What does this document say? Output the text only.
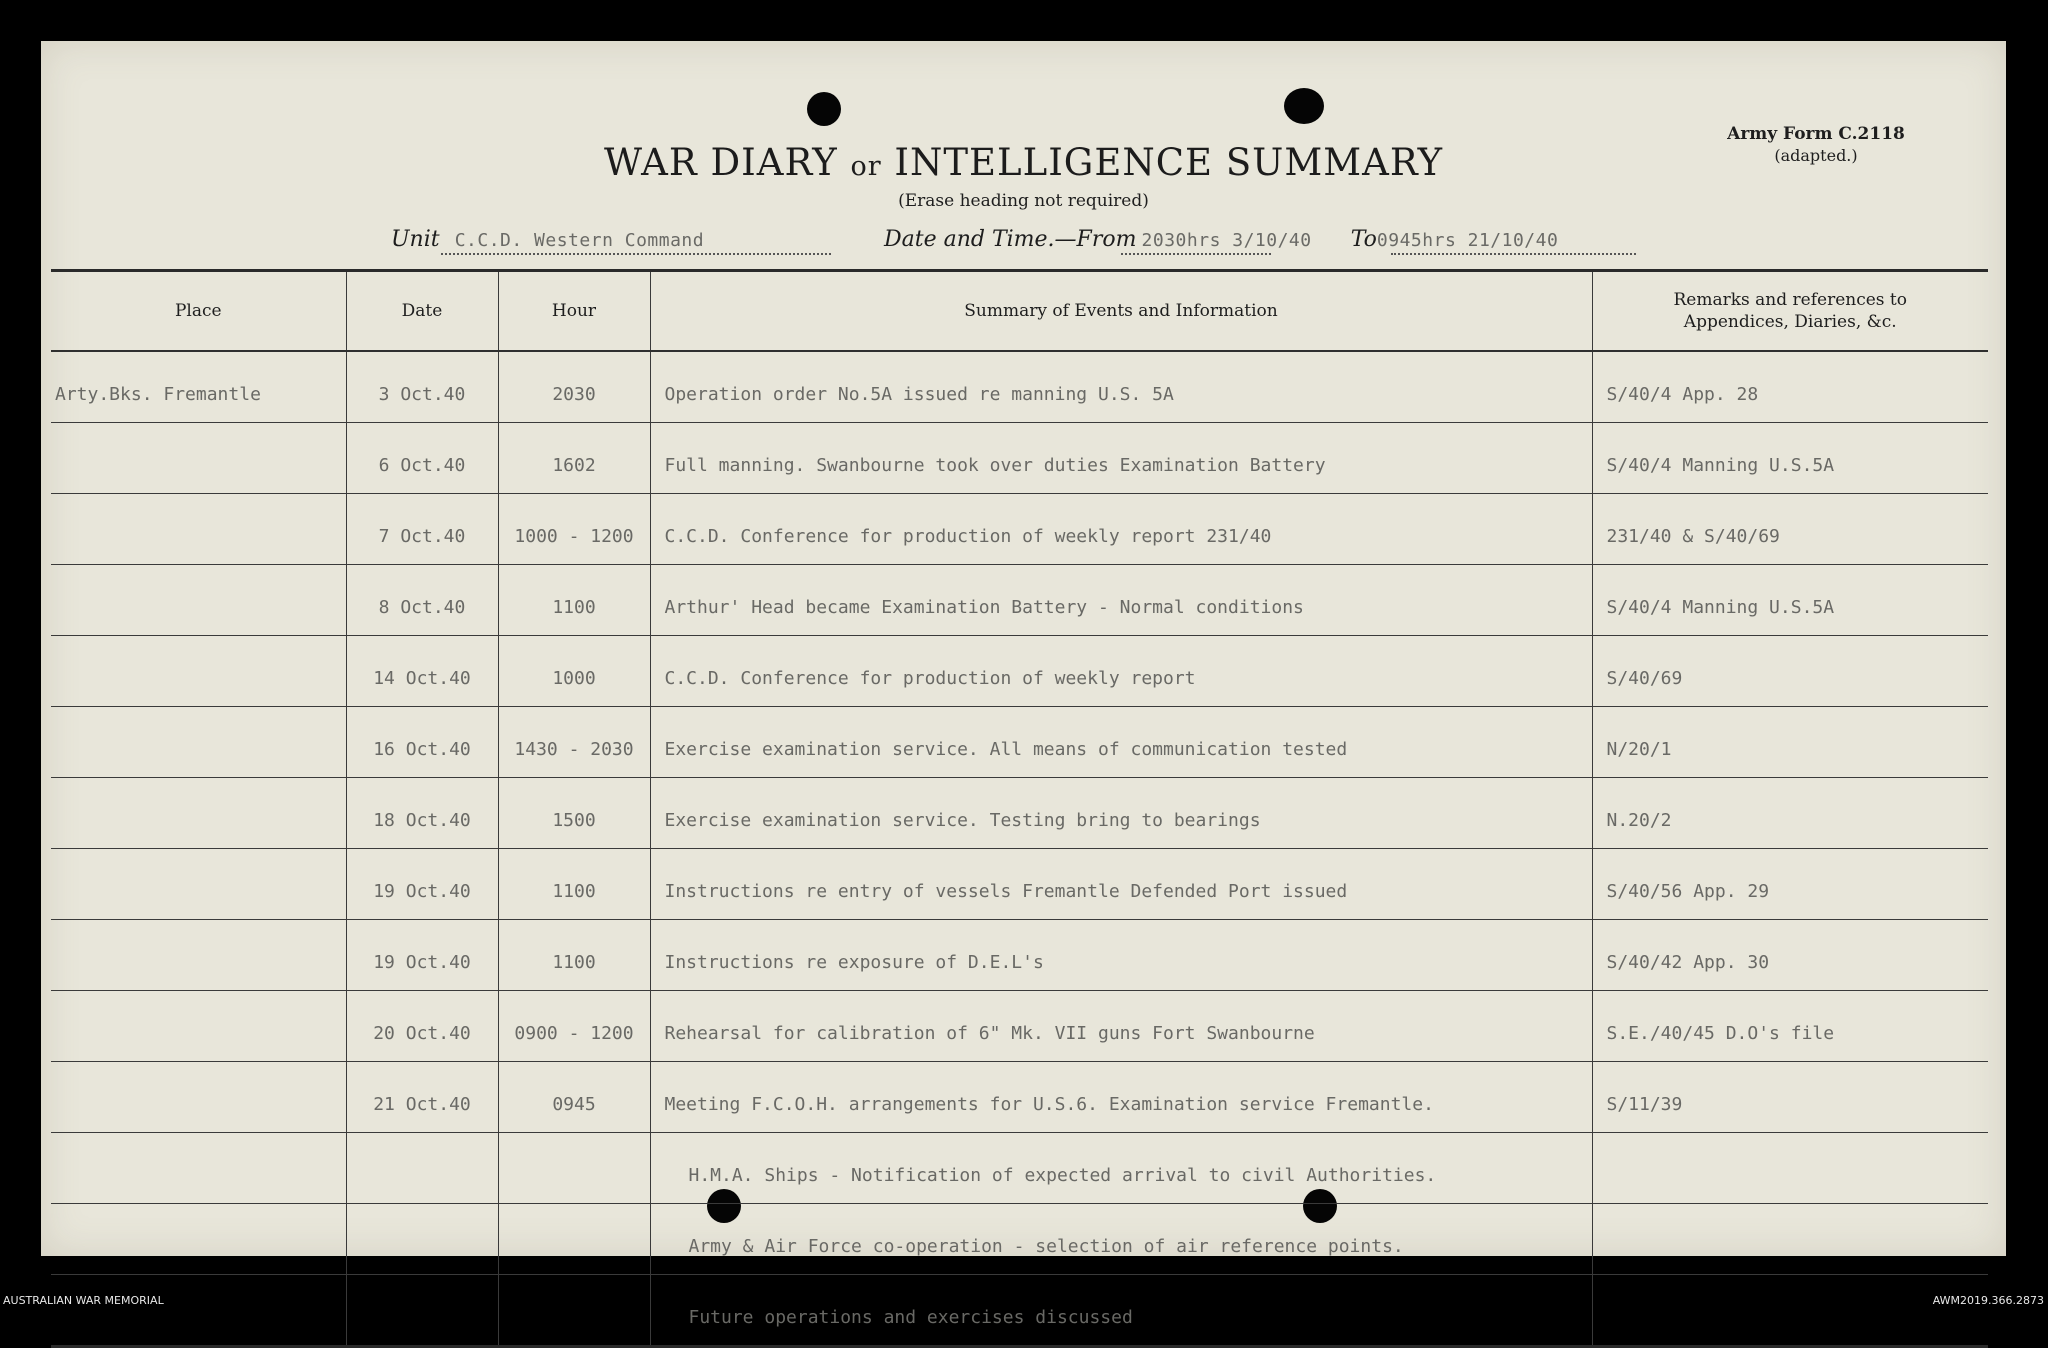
Army Form C.2118
(adapted.)
WAR DIARY or INTELLIGENCE SUMMARY
(Erase heading not required)
Unit C.C.D. Western Command	Date and Time.—From 2030hrs 3/10/40 To0945hrs 21/10/40
Place	Date	Hour	Summary of Events and Information	Remarks and references to
Appendices, Diaries, &c.
Arty.Bks. Fremantle	3 Oct.40	2030	Operation order No.5A issued re manning U.S. 5A	S/40/4 App. 28
	6 Oct.40	1602	Full manning. Swanbourne took over duties Examination Battery	S/40/4 Manning U.S.5A
	7 Oct.40	1000 - 1200	C.C.D. Conference for production of weekly report 231/40	231/40 & S/40/69
	8 Oct.40	1100	Arthur' Head became Examination Battery - Normal conditions	S/40/4 Manning U.S.5A
	14 Oct.40	1000	C.C.D. Conference for production of weekly report	S/40/69
	16 Oct.40	1430 - 2030	Exercise examination service. All means of communication tested	N/20/1
	18 Oct.40	1500	Exercise examination service. Testing bring to bearings	N.20/2
	19 Oct.40	1100	Instructions re entry of vessels Fremantle Defended Port issued	S/40/56 App. 29
	19 Oct.40	1100	Instructions re exposure of D.E.L's	S/40/42 App. 30
	20 Oct.40	0900 - 1200	Rehearsal for calibration of 6" Mk. VII guns Fort Swanbourne	S.E./40/45 D.O's file
	21 Oct.40	0945	Meeting F.C.O.H. arrangements for U.S.6. Examination service Fremantle.	S/11/39
			H.M.A. Ships - Notification of expected arrival to civil Authorities.	
			Army & Air Force co-operation - selection of air reference points.	
			Future operations and exercises discussed	
AUSTRALIAN WAR MEMORIAL	AWM2019.366.2873
